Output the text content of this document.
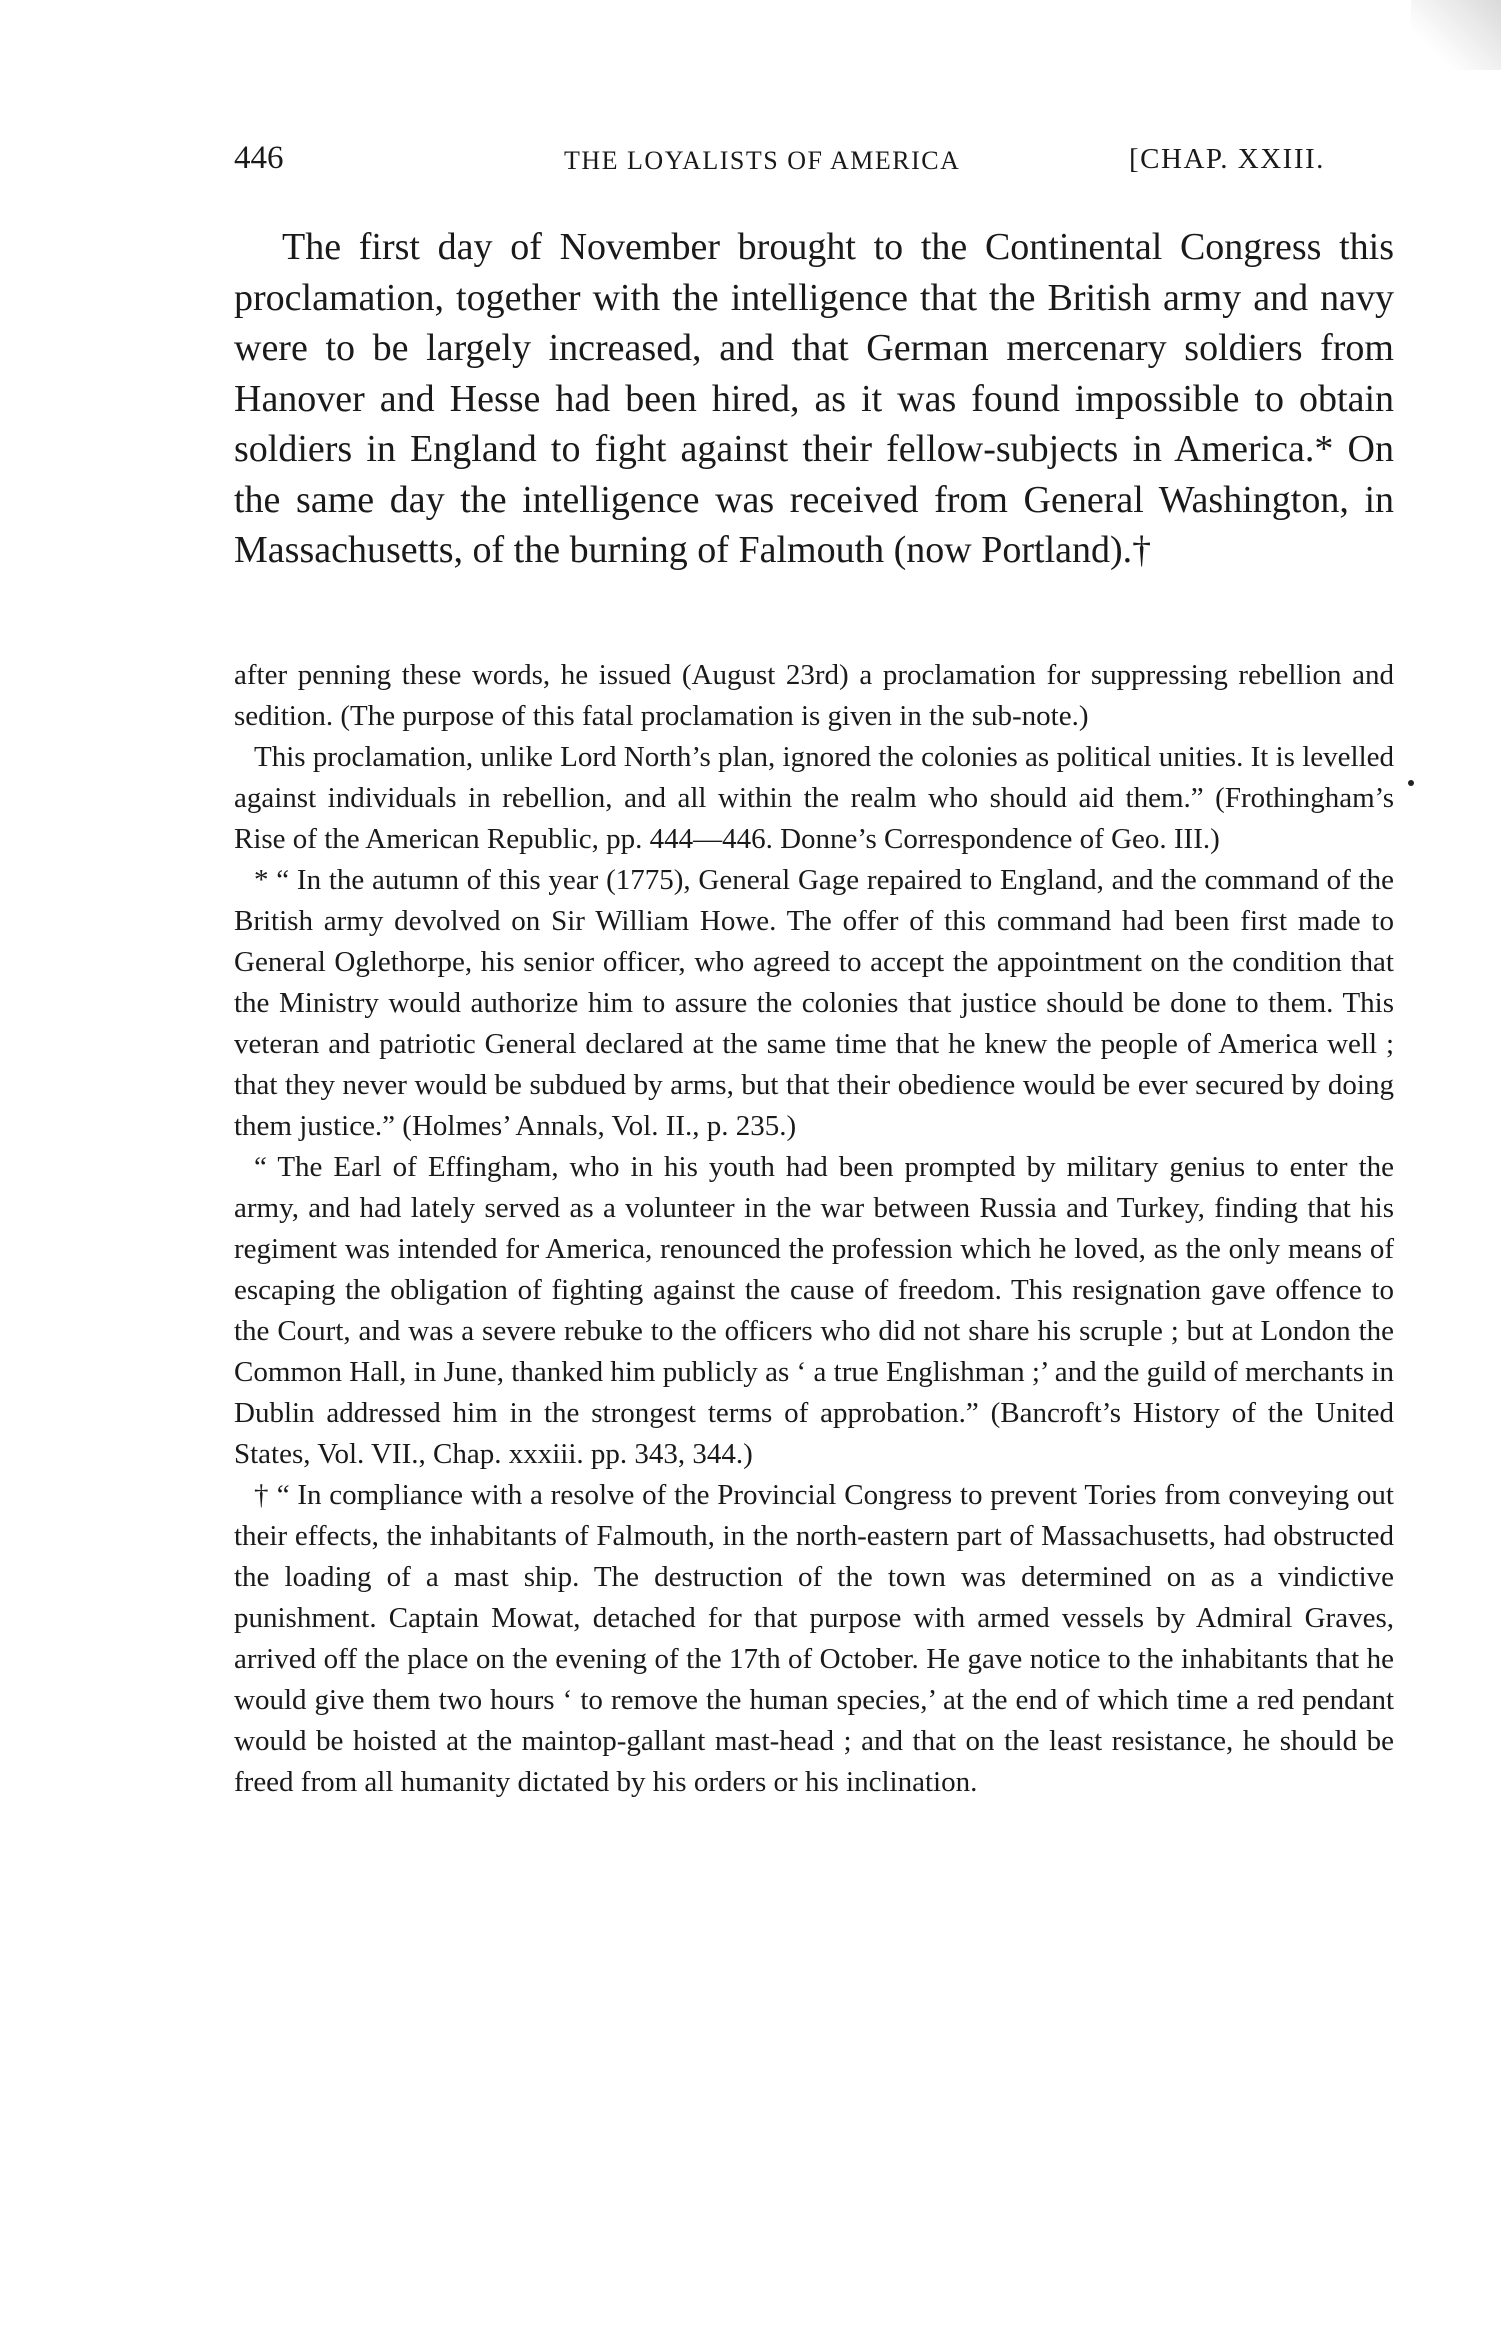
446	THE LOYALISTS OF AMERICA	[CHAP. XXIII.

The first day of November brought to the Continental Congress this proclamation, together with the intelligence that the British army and navy were to be largely increased, and that German mercenary soldiers from Hanover and Hesse had been hired, as it was found impossible to obtain soldiers in England to fight against their fellow-subjects in America.* On the same day the intelligence was received from General Washington, in Massachusetts, of the burning of Falmouth (now Portland).†

after penning these words, he issued (August 23rd) a proclamation for suppressing rebellion and sedition. (The purpose of this fatal proclamation is given in the sub-note.)

This proclamation, unlike Lord North’s plan, ignored the colonies as political unities. It is levelled against individuals in rebellion, and all within the realm who should aid them.” (Frothingham’s Rise of the American Republic, pp. 444—446. Donne’s Correspondence of Geo. III.)

* “ In the autumn of this year (1775), General Gage repaired to England, and the command of the British army devolved on Sir William Howe. The offer of this command had been first made to General Oglethorpe, his senior officer, who agreed to accept the appointment on the condition that the Ministry would authorize him to assure the colonies that justice should be done to them. This veteran and patriotic General declared at the same time that he knew the people of America well ; that they never would be subdued by arms, but that their obedience would be ever secured by doing them justice.” (Holmes’ Annals, Vol. II., p. 235.)

“ The Earl of Effingham, who in his youth had been prompted by military genius to enter the army, and had lately served as a volunteer in the war between Russia and Turkey, finding that his regiment was intended for America, renounced the profession which he loved, as the only means of escaping the obligation of fighting against the cause of freedom. This resignation gave offence to the Court, and was a severe rebuke to the officers who did not share his scruple ; but at London the Common Hall, in June, thanked him publicly as ‘ a true Englishman ;’ and the guild of merchants in Dublin addressed him in the strongest terms of approbation.” (Bancroft’s History of the United States, Vol. VII., Chap. xxxiii. pp. 343, 344.)

† “ In compliance with a resolve of the Provincial Congress to prevent Tories from conveying out their effects, the inhabitants of Falmouth, in the north-eastern part of Massachusetts, had obstructed the loading of a mast ship. The destruction of the town was determined on as a vindictive punishment. Captain Mowat, detached for that purpose with armed vessels by Admiral Graves, arrived off the place on the evening of the 17th of October. He gave notice to the inhabitants that he would give them two hours ‘ to remove the human species,’ at the end of which time a red pendant would be hoisted at the maintop-gallant mast-head ; and that on the least resistance, he should be freed from all humanity dictated by his orders or his inclination.
